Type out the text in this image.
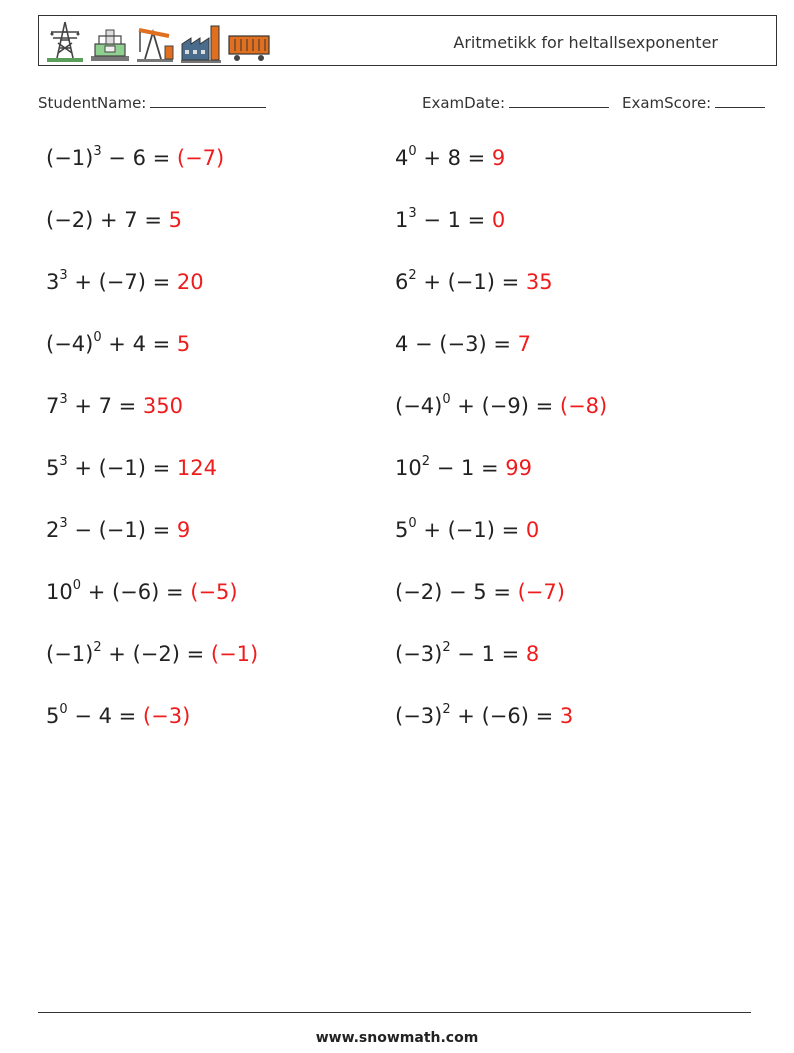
Aritmetikk for heltallsexponenter
StudentName:	ExamDate:	ExamScore:
$(-1)^3 - 6 = (-7)$	$4^0 + 8 = 9$
(−2) + 7 = 5	$1^3 - 1 = 0$
$3^3 + (-7) = 20$	$6^2 + (-1) = 35$
$(-4)^0 + 4 = 5$	4 − (−3) = 7
$7^3 + 7 = 350$	$(-4)^0 + (-9) = (-8)$
$5^3 + (-1) = 124$	$10^2 - 1 = 99$
$2^3 - (-1) = 9$	$5^0 + (-1) = 0$
$10^0 + (-6) = (-5)$	(−2) − 5 = (−7)
$(-1)^2 + (-2) = (-1)$	$(-3)^2 - 1 = 8$
$5^0 - 4 = (-3)$	$(-3)^2 + (-6) = 3$
www.snowmath.com
